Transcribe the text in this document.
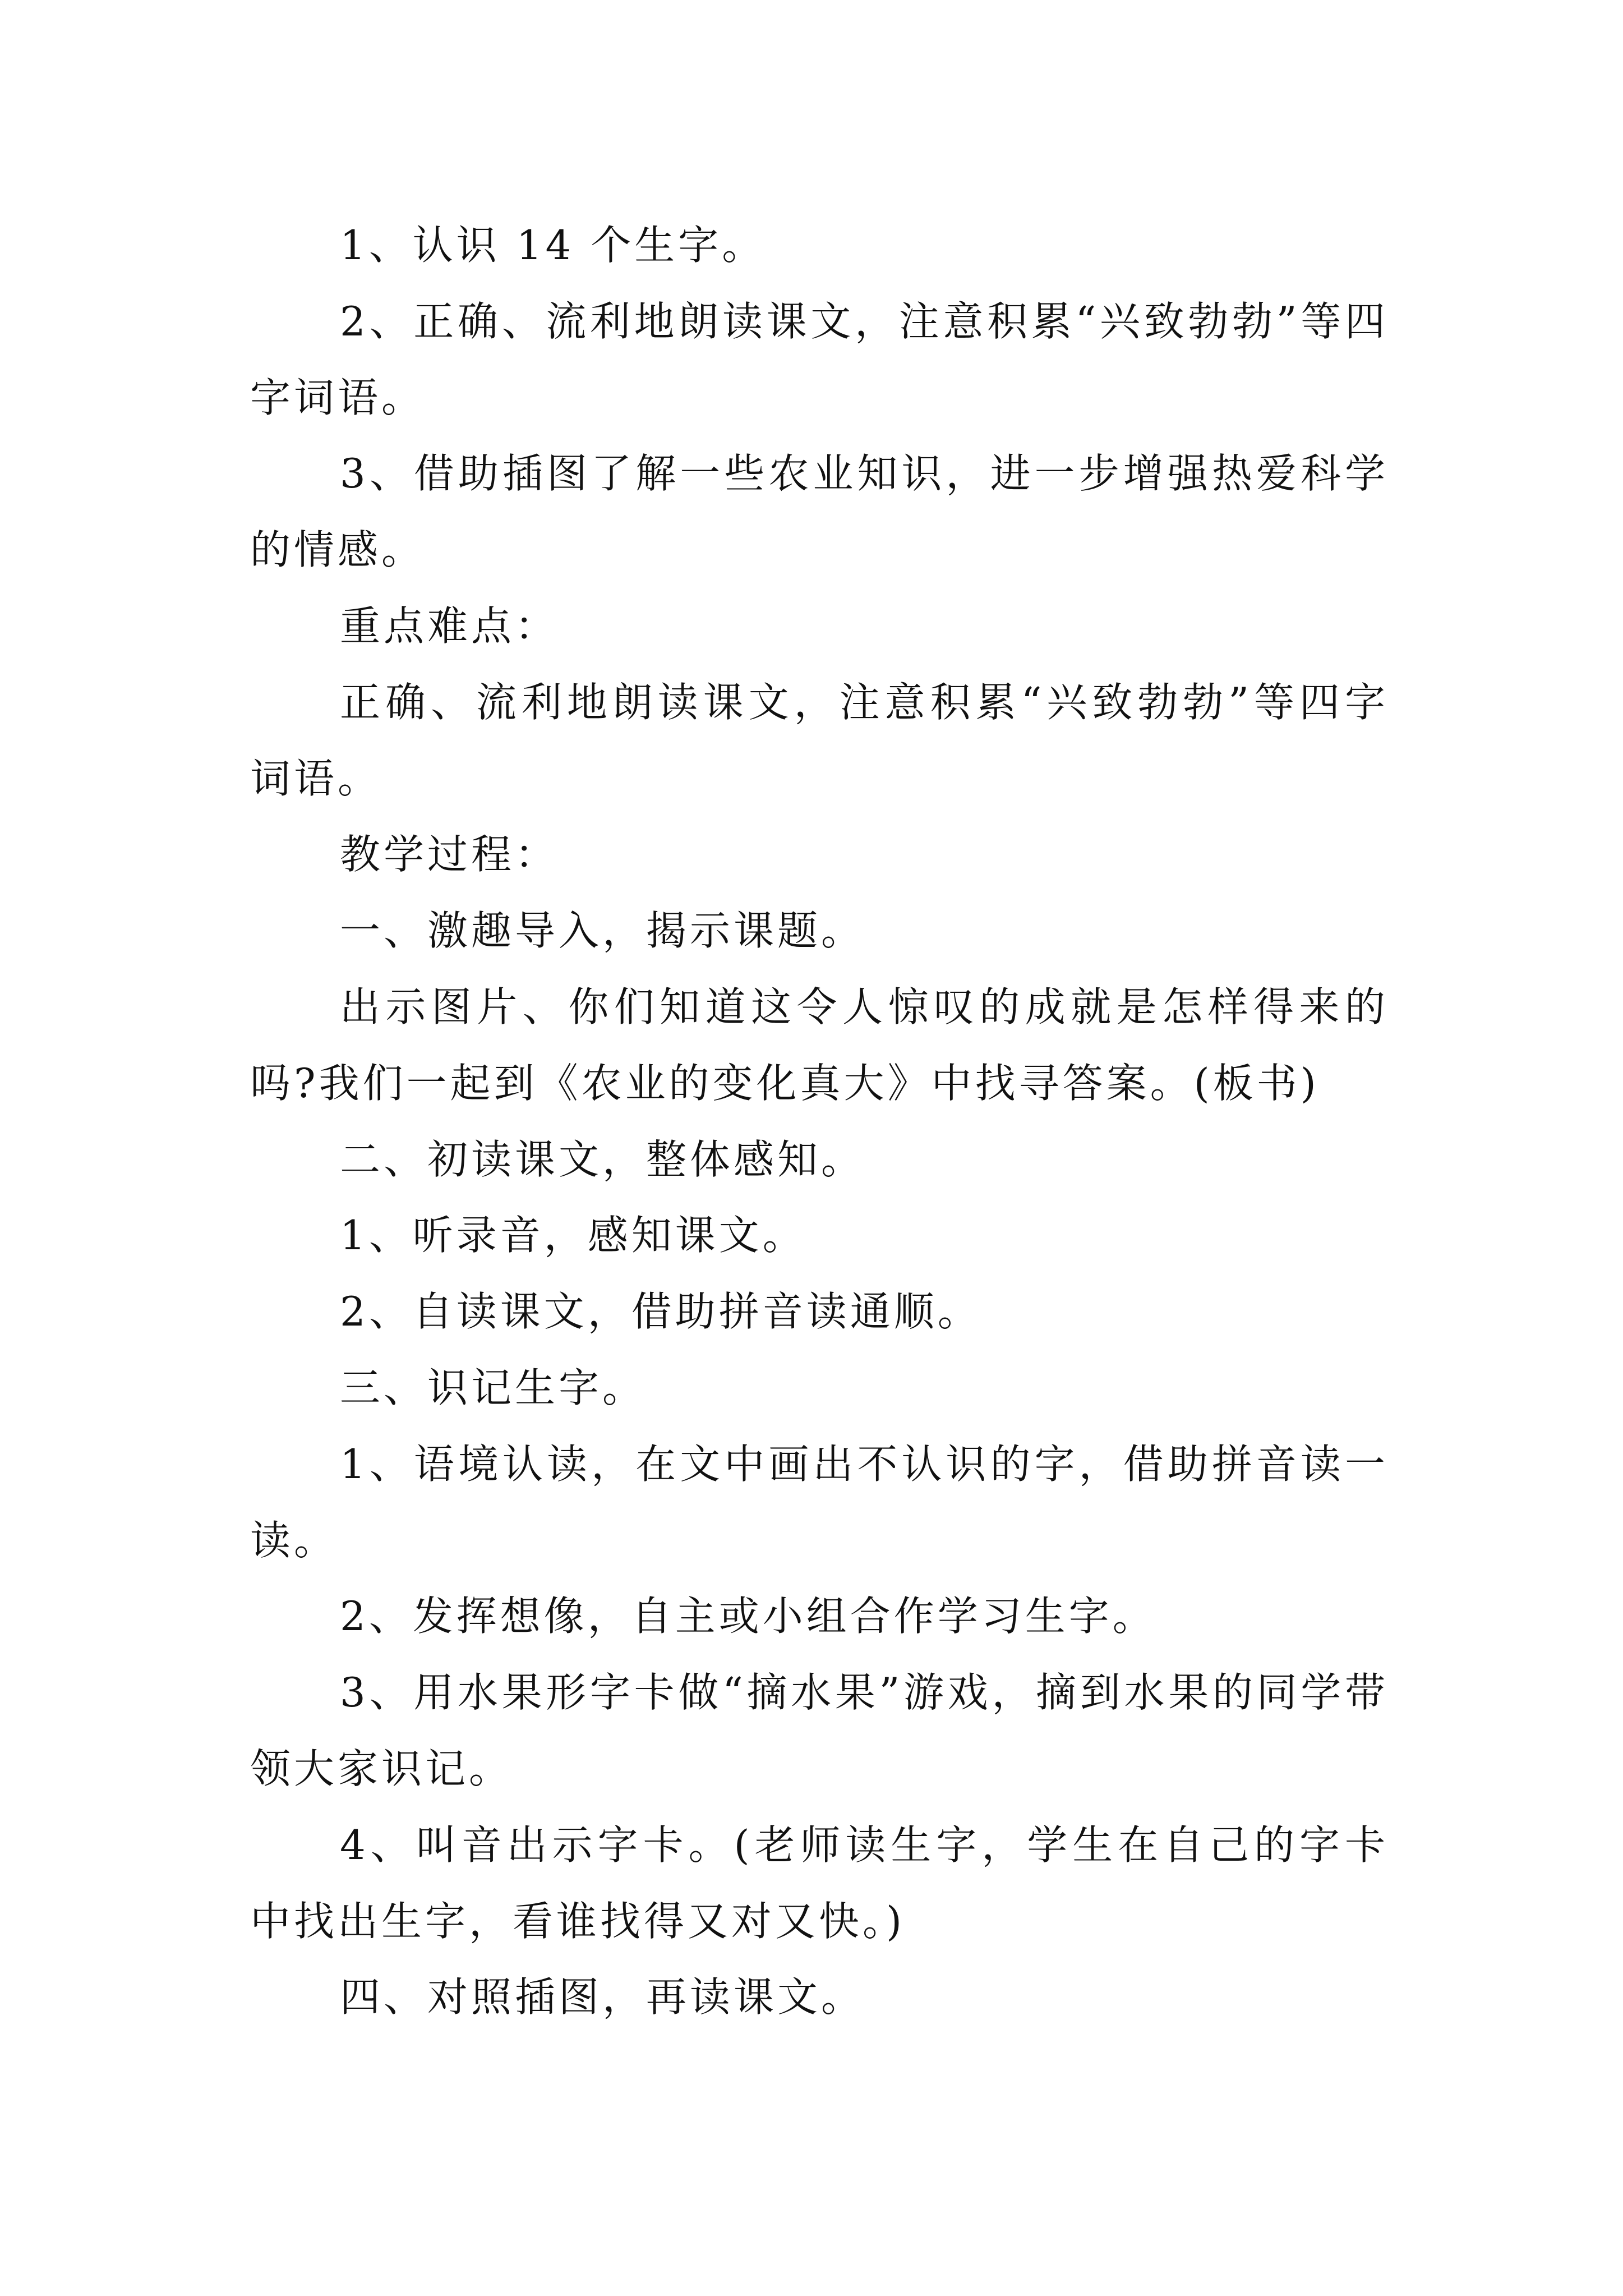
1、认识 14 个生字。

2、正确、流利地朗读课文，注意积累“兴致勃勃”等四字词语。

3、借助插图了解一些农业知识，进一步增强热爱科学的情感。

重点难点：

正确、流利地朗读课文，注意积累“兴致勃勃”等四字词语。

教学过程：

一、激趣导入，揭示课题。

出示图片、你们知道这令人惊叹的成就是怎样得来的吗?我们一起到《农业的变化真大》中找寻答案。(板书)

二、初读课文，整体感知。

1、听录音，感知课文。

2、自读课文，借助拼音读通顺。

三、识记生字。

1、语境认读，在文中画出不认识的字，借助拼音读一读。

2、发挥想像，自主或小组合作学习生字。

3、用水果形字卡做“摘水果”游戏，摘到水果的同学带领大家识记。

4、叫音出示字卡。(老师读生字，学生在自己的字卡中找出生字，看谁找得又对又快。)

四、对照插图，再读课文。
